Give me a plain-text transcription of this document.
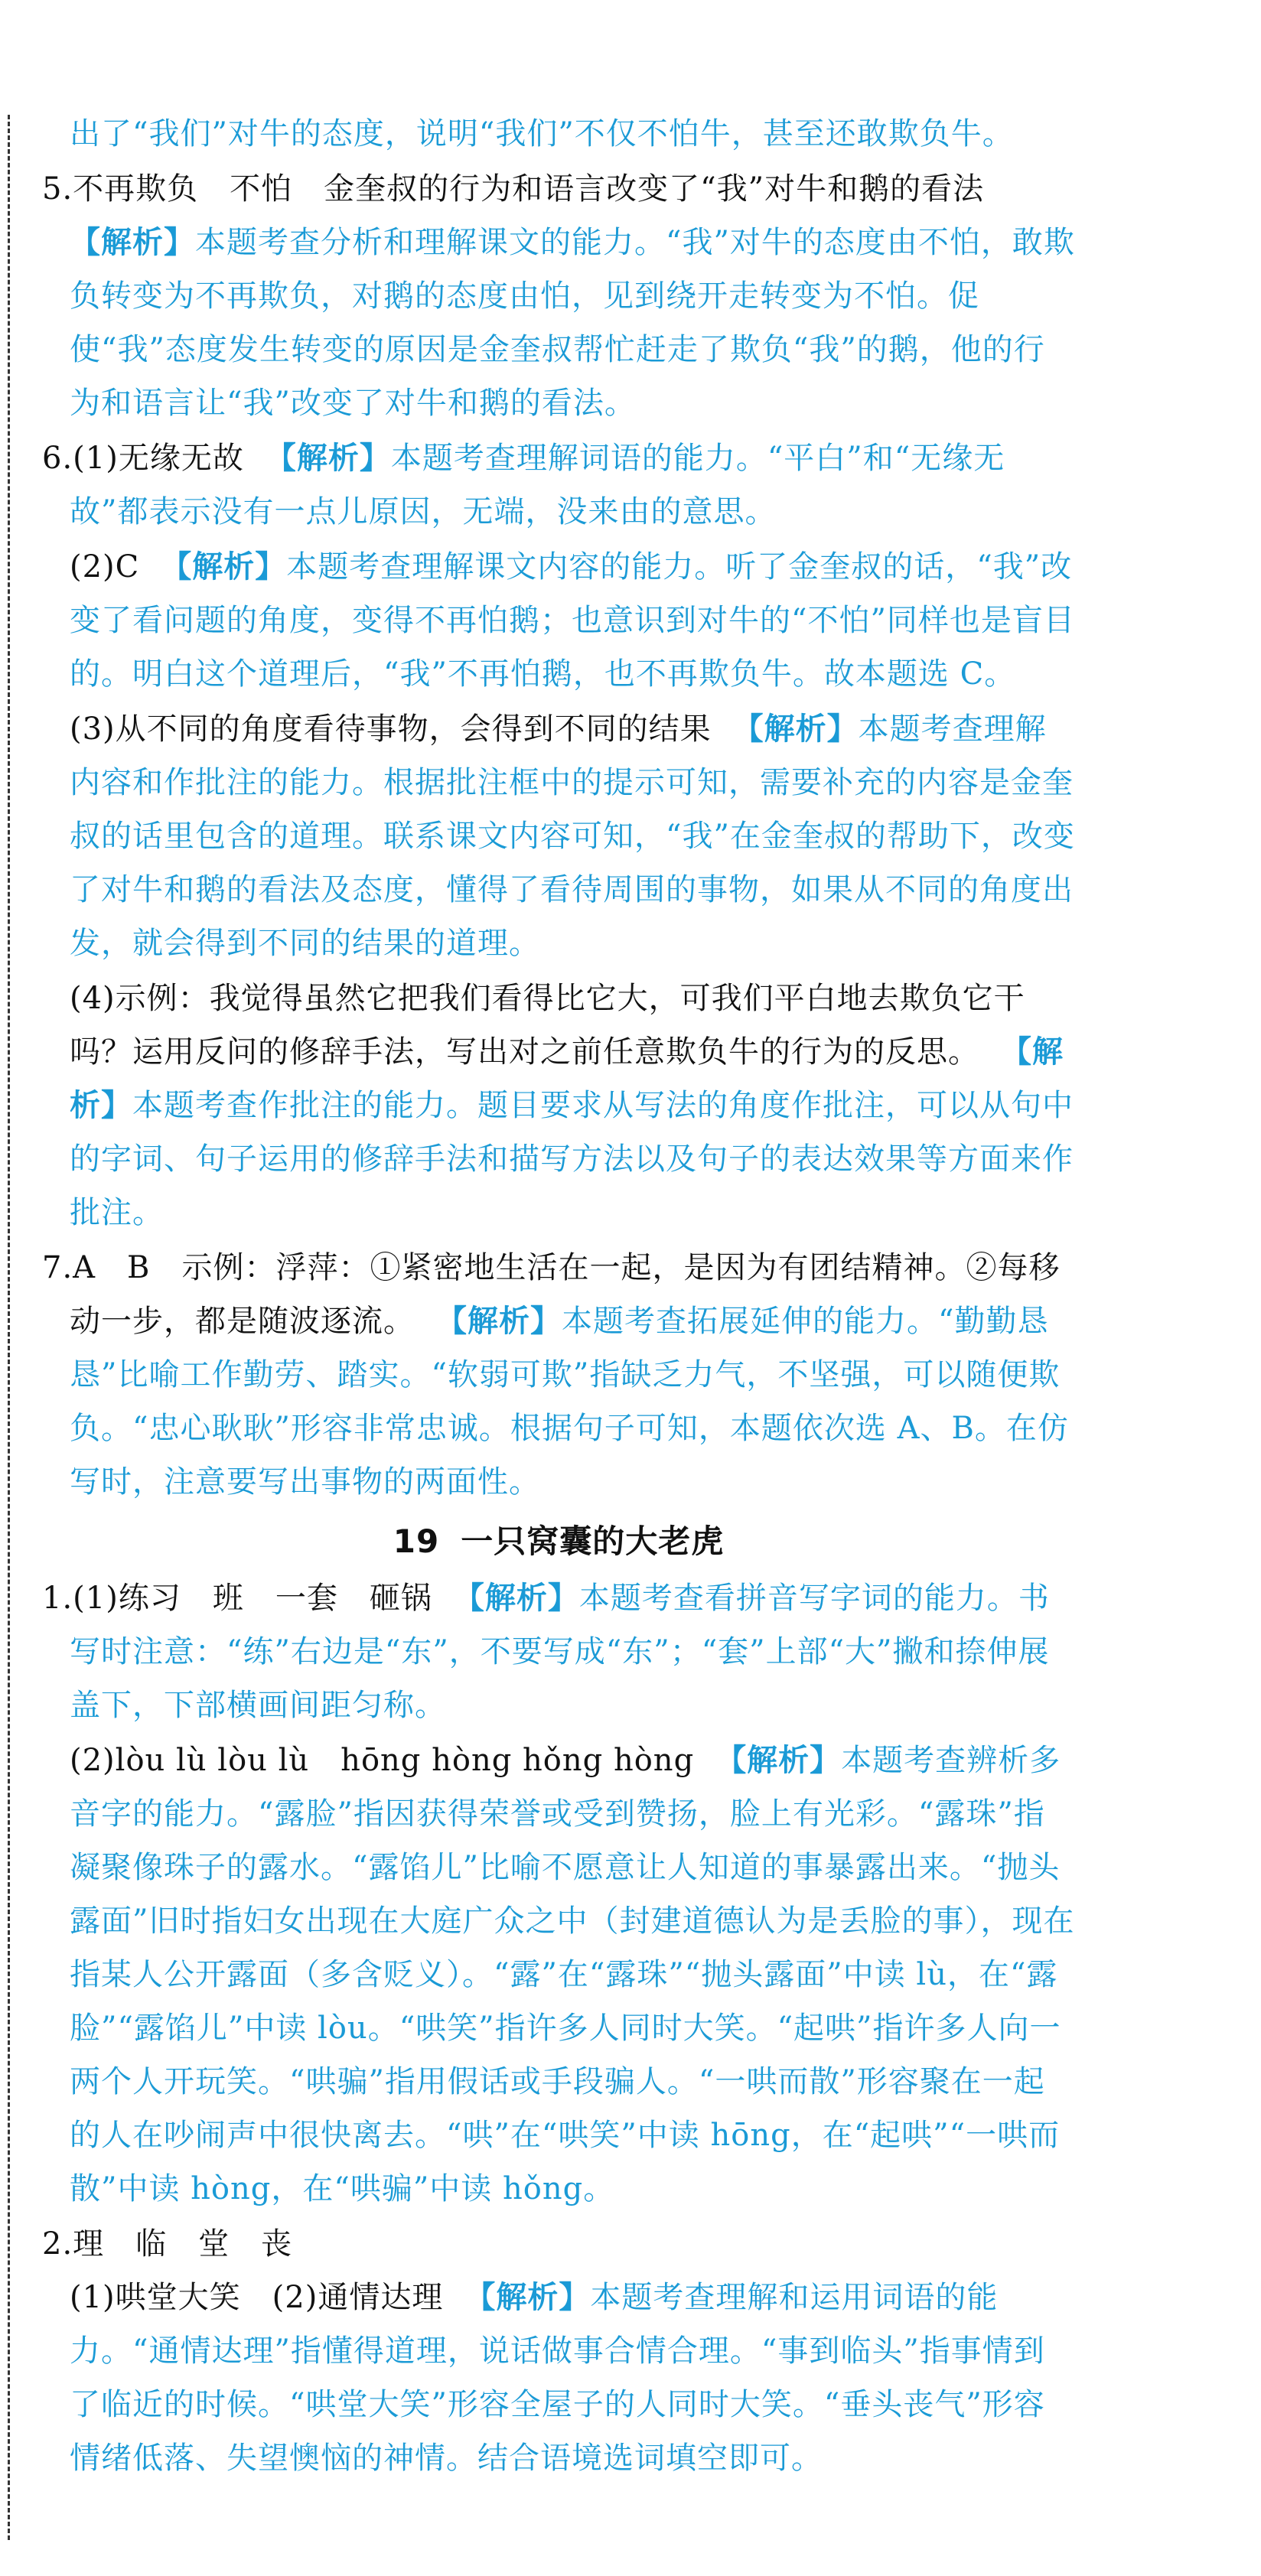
出了“我们”对牛的态度，说明“我们”不仅不怕牛，甚至还敢欺负牛。
5.不再欺负　不怕　金奎叔的行为和语言改变了“我”对牛和鹅的看法
【解析】本题考查分析和理解课文的能力。“我”对牛的态度由不怕，敢欺负转变为不再欺负，对鹅的态度由怕，见到绕开走转变为不怕。促使“我”态度发生转变的原因是金奎叔帮忙赶走了欺负“我”的鹅，他的行为和语言让“我”改变了对牛和鹅的看法。
6.(1)无缘无故 【解析】本题考查理解词语的能力。“平白”和“无缘无故”都表示没有一点儿原因，无端，没来由的意思。
(2)C 【解析】本题考查理解课文内容的能力。听了金奎叔的话，“我”改变了看问题的角度，变得不再怕鹅；也意识到对牛的“不怕”同样也是盲目的。明白这个道理后，“我”不再怕鹅，也不再欺负牛。故本题选 C。
(3)从不同的角度看待事物，会得到不同的结果 【解析】本题考查理解内容和作批注的能力。根据批注框中的提示可知，需要补充的内容是金奎叔的话里包含的道理。联系课文内容可知，“我”在金奎叔的帮助下，改变了对牛和鹅的看法及态度，懂得了看待周围的事物，如果从不同的角度出发，就会得到不同的结果的道理。
(4)示例：我觉得虽然它把我们看得比它大，可我们平白地去欺负它干吗？运用反问的修辞手法，写出对之前任意欺负牛的行为的反思。 【解析】本题考查作批注的能力。题目要求从写法的角度作批注，可以从句中的字词、句子运用的修辞手法和描写方法以及句子的表达效果等方面来作批注。
7.A　B　示例：浮萍：①紧密地生活在一起，是因为有团结精神。②每移动一步，都是随波逐流。 【解析】本题考查拓展延伸的能力。“勤勤恳恳”比喻工作勤劳、踏实。“软弱可欺”指缺乏力气，不坚强，可以随便欺负。“忠心耿耿”形容非常忠诚。根据句子可知，本题依次选 A、B。在仿写时，注意要写出事物的两面性。
19 一只窝囊的大老虎
1.(1)练习　班　一套　砸锅 【解析】本题考查看拼音写字词的能力。书写时注意：“练”右边是“东”，不要写成“东”；“套”上部“大”撇和捺伸展盖下，下部横画间距匀称。
(2)lòu lù lòu lù　hōng hòng hǒng hòng 【解析】本题考查辨析多音字的能力。“露脸”指因获得荣誉或受到赞扬，脸上有光彩。“露珠”指凝聚像珠子的露水。“露馅儿”比喻不愿意让人知道的事暴露出来。“抛头露面”旧时指妇女出现在大庭广众之中（封建道德认为是丢脸的事），现在指某人公开露面（多含贬义）。“露”在“露珠”“抛头露面”中读 lù，在“露脸”“露馅儿”中读 lòu。“哄笑”指许多人同时大笑。“起哄”指许多人向一两个人开玩笑。“哄骗”指用假话或手段骗人。“一哄而散”形容聚在一起的人在吵闹声中很快离去。“哄”在“哄笑”中读 hōng，在“起哄”“一哄而散”中读 hòng，在“哄骗”中读 hǒng。
2.理　临　堂　丧
(1)哄堂大笑　(2)通情达理 【解析】本题考查理解和运用词语的能力。“通情达理”指懂得道理，说话做事合情合理。“事到临头”指事情到了临近的时候。“哄堂大笑”形容全屋子的人同时大笑。“垂头丧气”形容情绪低落、失望懊恼的神情。结合语境选词填空即可。
